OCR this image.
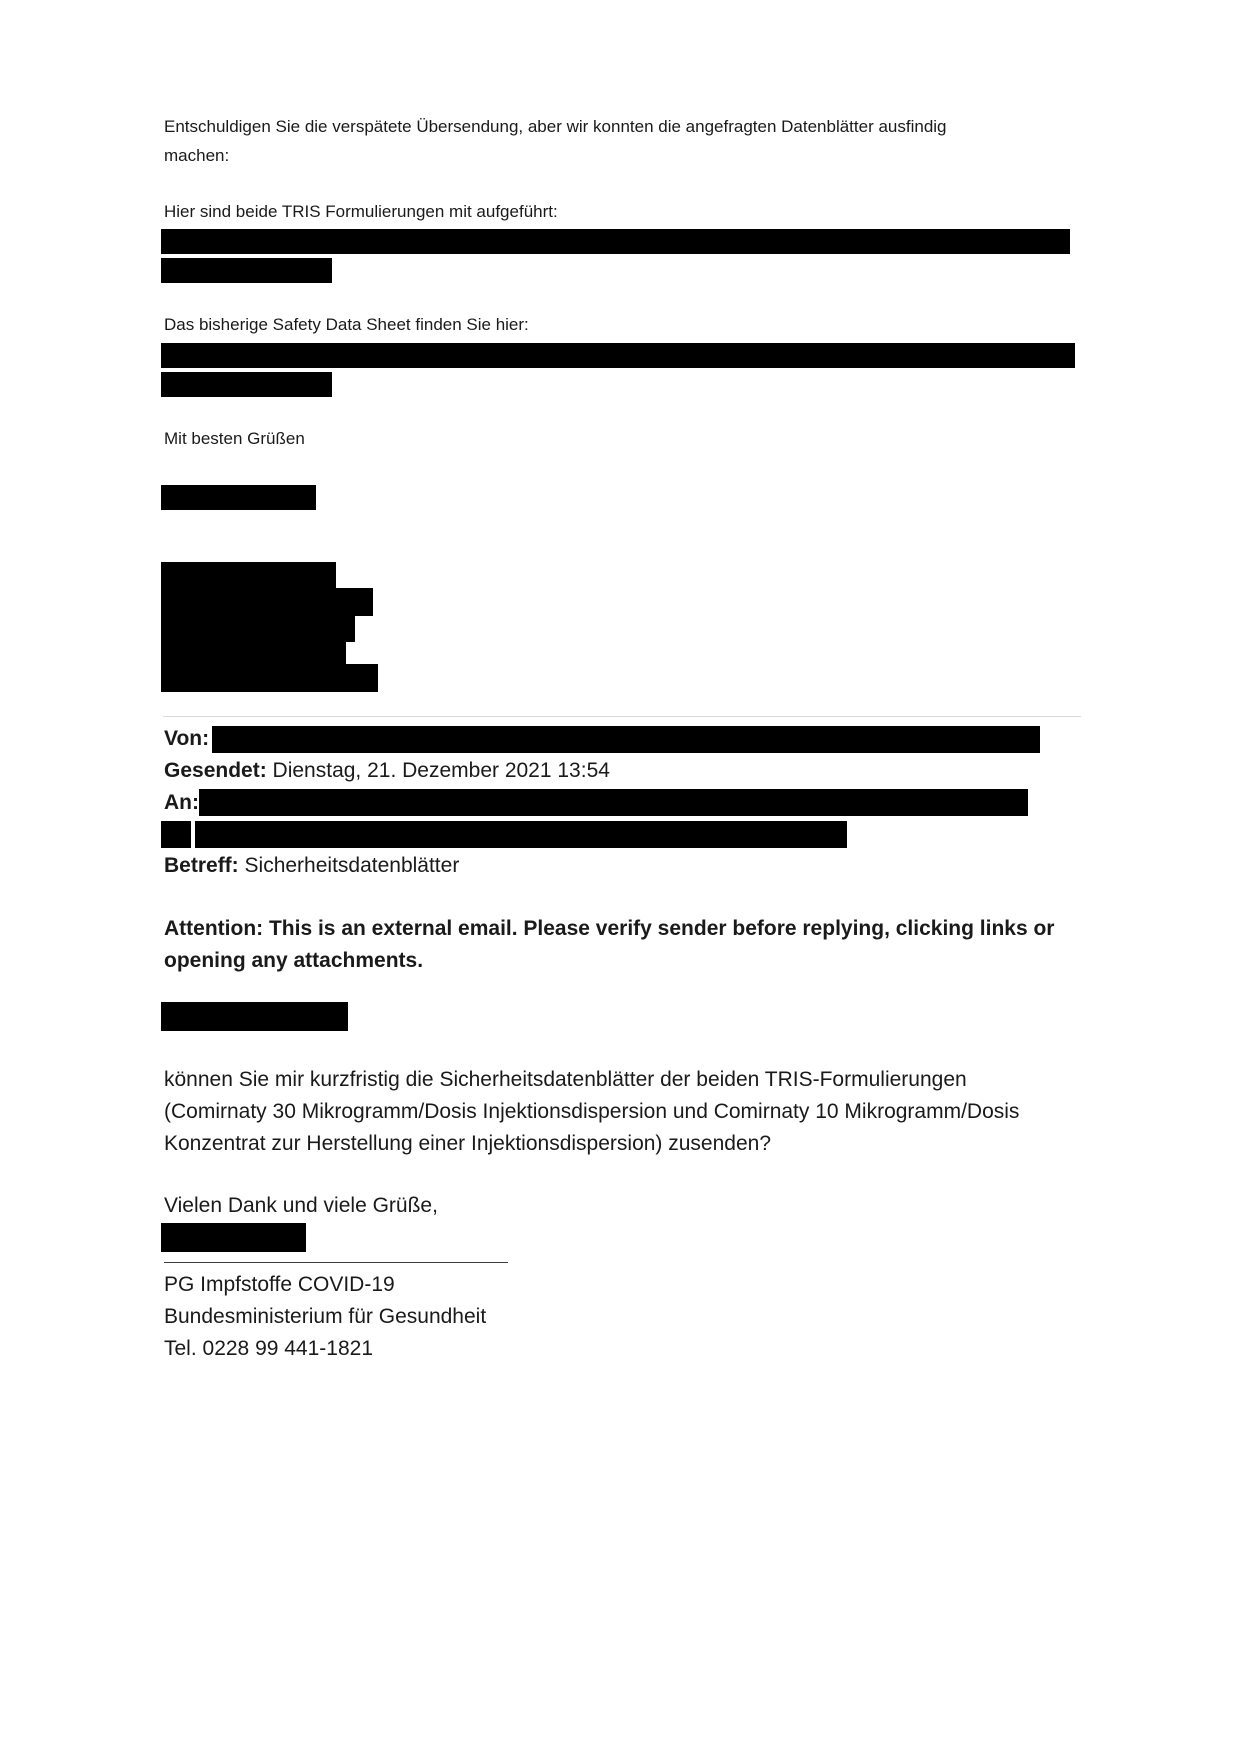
Entschuldigen Sie die verspätete Übersendung, aber wir konnten die angefragten Datenblätter ausfindig
machen:
Hier sind beide TRIS Formulierungen mit aufgeführt:
Das bisherige Safety Data Sheet finden Sie hier:
Mit besten Grüßen
Von:
Gesendet: Dienstag, 21. Dezember 2021 13:54
An:
Betreff: Sicherheitsdatenblätter
Attention: This is an external email. Please verify sender before replying, clicking links or
opening any attachments.
können Sie mir kurzfristig die Sicherheitsdatenblätter der beiden TRIS-Formulierungen
(Comirnaty 30 Mikrogramm/Dosis Injektionsdispersion und Comirnaty 10 Mikrogramm/Dosis
Konzentrat zur Herstellung einer Injektionsdispersion) zusenden?
Vielen Dank und viele Grüße,
PG Impfstoffe COVID-19
Bundesministerium für Gesundheit
Tel. 0228 99 441-1821
